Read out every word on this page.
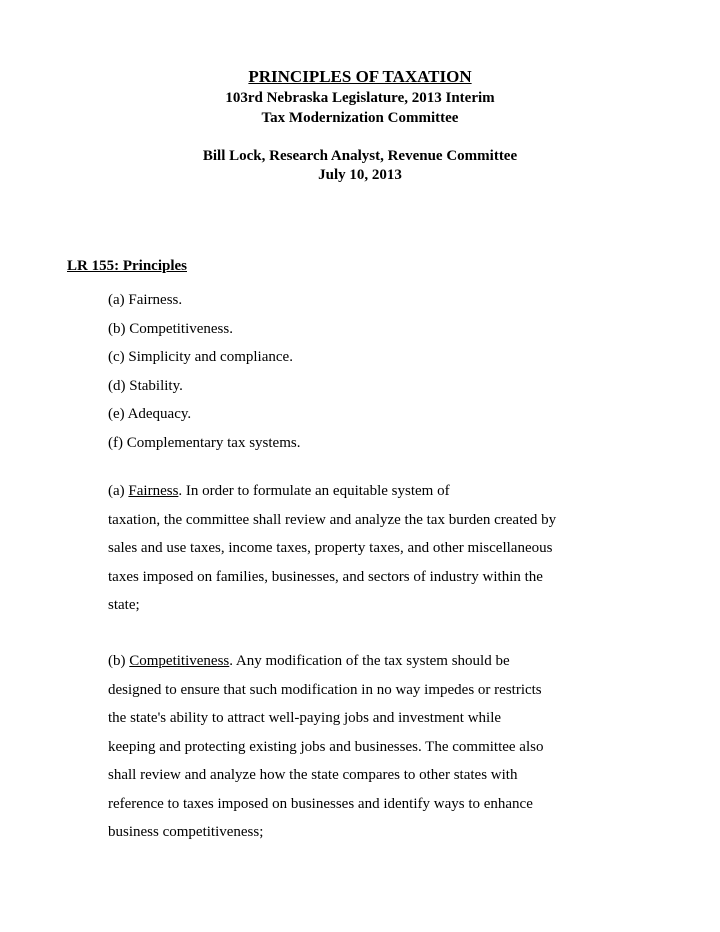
PRINCIPLES OF TAXATION
103rd Nebraska Legislature, 2013 Interim
Tax Modernization Committee
Bill Lock, Research Analyst, Revenue Committee
July 10, 2013
LR 155: Principles
(a) Fairness.
(b) Competitiveness.
(c) Simplicity and compliance.
(d) Stability.
(e) Adequacy.
(f) Complementary tax systems.
(a) Fairness. In order to formulate an equitable system of
taxation, the committee shall review and analyze the tax burden created by
sales and use taxes, income taxes, property taxes, and other miscellaneous
taxes imposed on families, businesses, and sectors of industry within the
state;
(b) Competitiveness. Any modification of the tax system should be
designed to ensure that such modification in no way impedes or restricts
the state's ability to attract well-paying jobs and investment while
keeping and protecting existing jobs and businesses. The committee also
shall review and analyze how the state compares to other states with
reference to taxes imposed on businesses and identify ways to enhance
business competitiveness;
